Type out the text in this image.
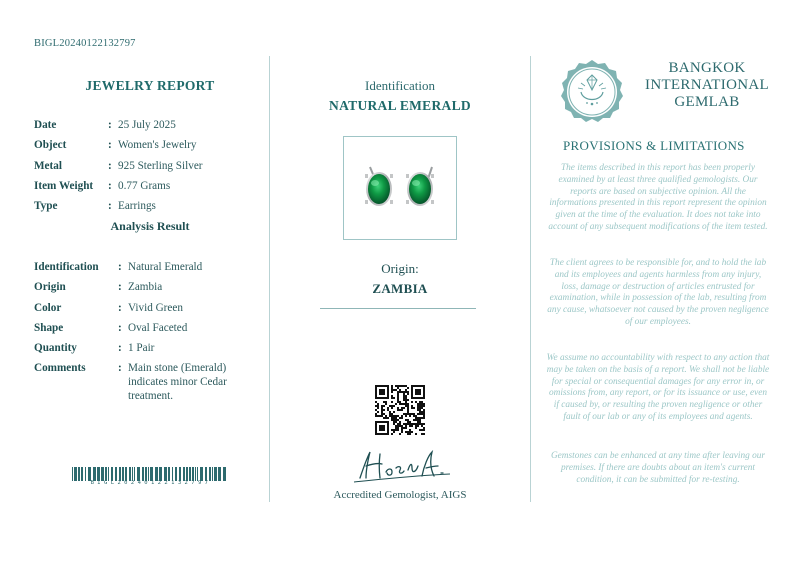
BIGL20240122132797
JEWELRY REPORT
Date	: 25 July 2025
Object	: Women's Jewelry
Metal	: 925 Sterling Silver
Item Weight	: 0.77 Grams
Type	: Earrings
Analysis Result
Identification	: Natural Emerald
Origin	: Zambia
Color	: Vivid Green
Shape	: Oval Faceted
Quantity	: 1 Pair
Comments	: Main stone (Emerald) indicates minor Cedar treatment.
BIGL20240122132797
Identification
NATURAL EMERALD
Origin:
ZAMBIA
Accredited Gemologist, AIGS
BANGKOK
INTERNATIONAL
GEMLAB
PROVISIONS & LIMITATIONS

The items described in this report has been properly examined by at least three qualified gemologists. Our reports are based on subjective opinion. All the informations presented in this report represent the opinion given at the time of the evaluation. It does not take into account of any subsequent modifications of the item tested.

The client agrees to be responsible for, and to hold the lab and its employees and agents harmless from any injury, loss, damage or destruction of articles entrusted for examination, while in possession of the lab, resulting from any cause, whatsoever not caused by the proven negligence of our employees.

We assume no accountability with respect to any action that may be taken on the basis of a report. We shall not be liable for special or consequential damages for any error in, or omissions from, any report, or for its issuance or use, even if caused by, or resulting the proven negligence or other fault of our lab or any of its employees and agents.

Gemstones can be enhanced at any time after leaving our premises. If there are doubts about an item's current condition, it can be submitted for re-testing.
